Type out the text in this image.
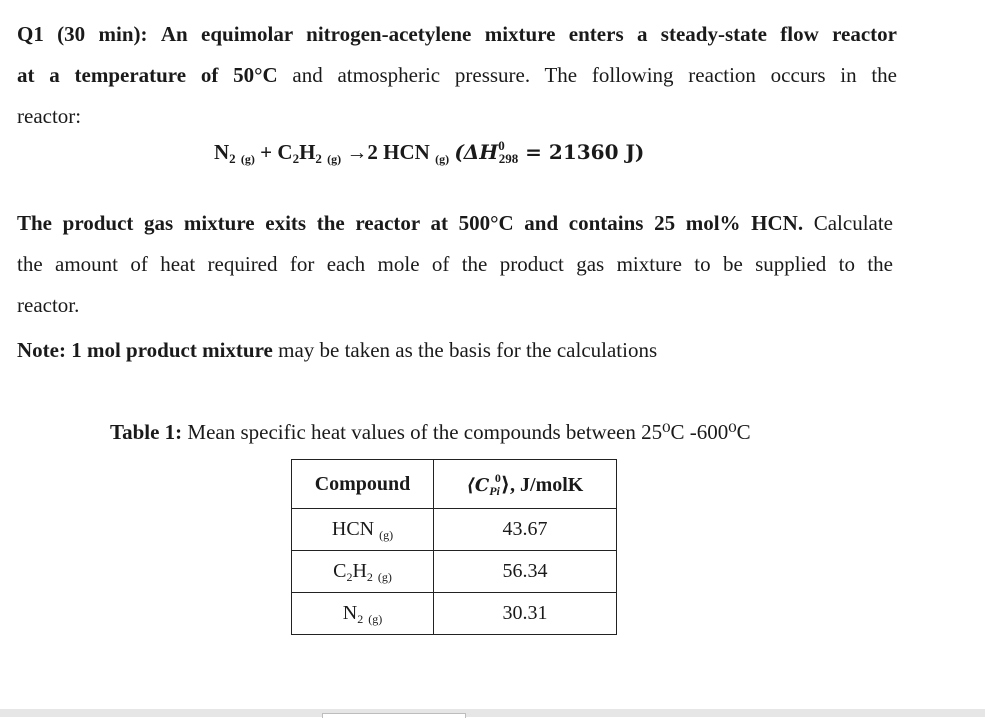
Q1 (30 min): An equimolar nitrogen-acetylene mixture enters a steady-state flow reactor
at a temperature of 50°C and atmospheric pressure. The following reaction occurs in the
reactor:

N2 (g) + C2H2 (g) →2 HCN (g) ($\Delta H^0298 = 21360$ J)

The product gas mixture exits the reactor at 500°C and contains 25 mol% HCN. Calculate
the amount of heat required for each mole of the product gas mixture to be supplied to the
reactor.

Note: 1 mol product mixture may be taken as the basis for the calculations

Table 1: Mean specific heat values of the compounds between 25⁰C -600⁰C
Compound	$⟨C_{Pi}^0⟩$, J/molK
HCN $_{(g)}$	43.67
$C_2H_2$ $_{(g)}$	56.34
$N_2$ $_{(g)}$	30.31
